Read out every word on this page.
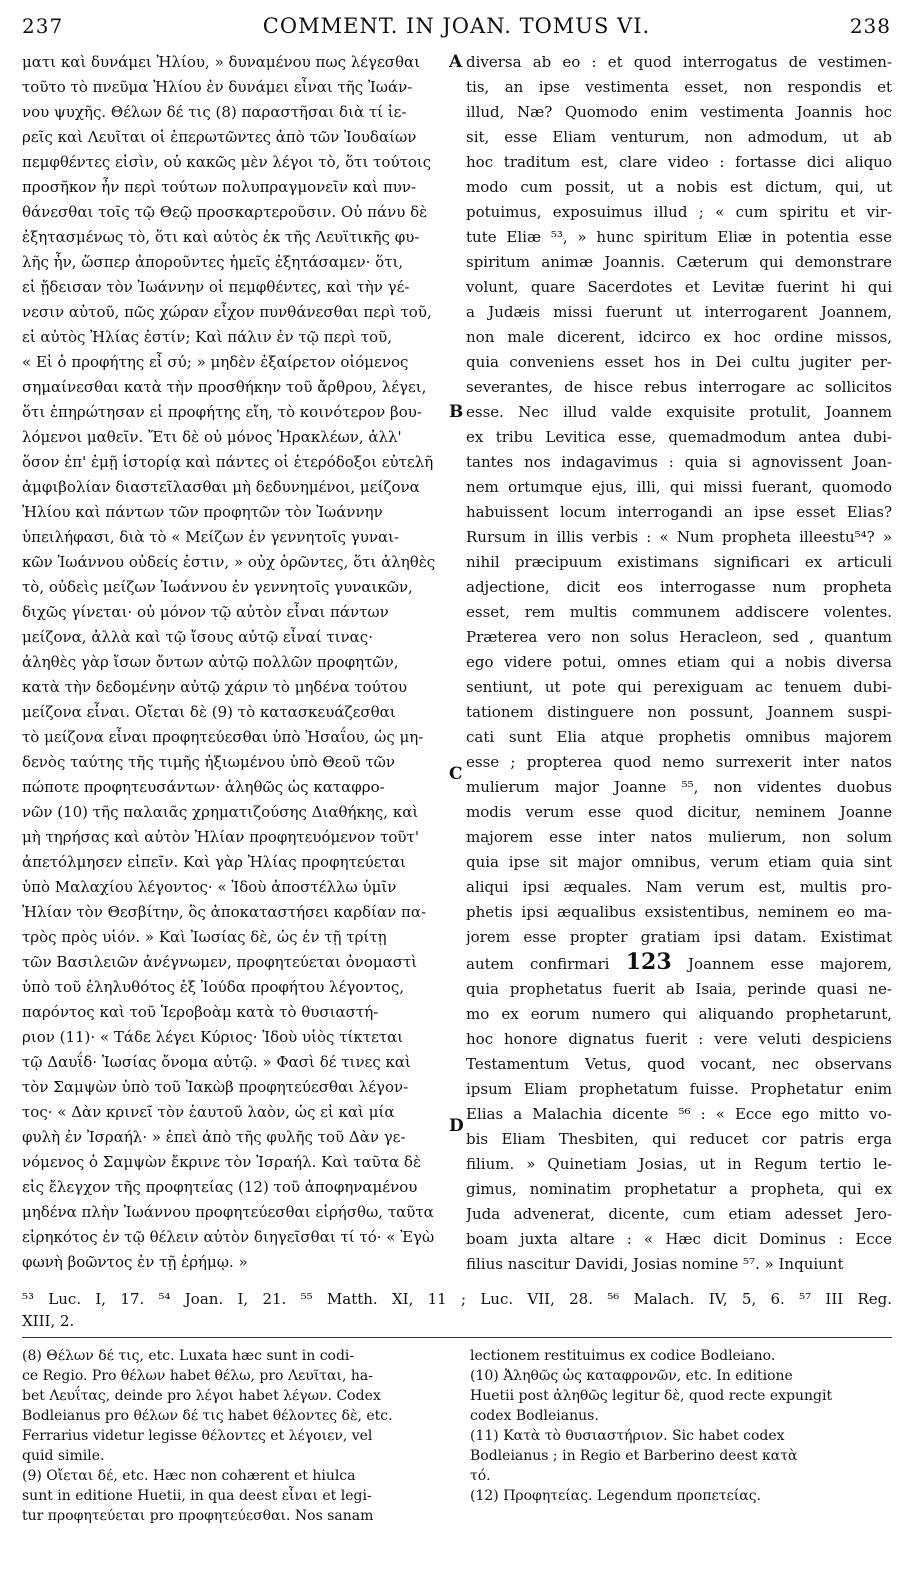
237	COMMENT. IN JOAN. TOMUS VI.	238
ματι καὶ δυνάμει Ἠλίου, » δυναμένου πως λέγεσθαι
τοῦτο τὸ πνεῦμα Ἠλίου ἐν δυνάμει εἶναι τῆς Ἰωάν-
νου ψυχῆς. Θέλων δέ τις (8) παραστῆσαι διὰ τί ἱε-
ρεῖς καὶ Λευῖται οἱ ἐπερωτῶντες ἀπὸ τῶν Ἰουδαίων
πεμφθέντες εἰσὶν, οὐ κακῶς μὲν λέγοι τὸ, ὅτι τούτοις
προσῆκον ἦν περὶ τούτων πολυπραγμονεῖν καὶ πυν-
θάνεσθαι τοῖς τῷ Θεῷ προσκαρτεροῦσιν. Οὐ πάνυ δὲ
ἐξητασμένως τὸ, ὅτι καὶ αὐτὸς ἐκ τῆς Λευϊτικῆς φυ-
λῆς ἦν, ὥσπερ ἀποροῦντες ἡμεῖς ἐξητάσαμεν· ὅτι,
εἰ ᾔδεισαν τὸν Ἰωάννην οἱ πεμφθέντες, καὶ τὴν γέ-
νεσιν αὐτοῦ, πῶς χώραν εἶχον πυνθάνεσθαι περὶ τοῦ,
εἰ αὐτὸς Ἠλίας ἐστίν; Καὶ πάλιν ἐν τῷ περὶ τοῦ,
« Εἰ ὁ προφήτης εἶ σύ; » μηδὲν ἐξαίρετον οἰόμενος
σημαίνεσθαι κατὰ τὴν προσθήκην τοῦ ἄρθρου, λέγει,
ὅτι ἐπηρώτησαν εἰ προφήτης εἴη, τὸ κοινότερον βου-
λόμενοι μαθεῖν. Ἔτι δὲ οὐ μόνος Ἡρακλέων, ἀλλ'
ὅσον ἐπ' ἐμῇ ἱστορίᾳ καὶ πάντες οἱ ἑτερόδοξοι εὐτελῆ
ἀμφιβολίαν διαστεῖλασθαι μὴ δεδυνημένοι, μείζονα
Ἠλίου καὶ πάντων τῶν προφητῶν τὸν Ἰωάννην
ὑπειλήφασι, διὰ τὸ « Μείζων ἐν γεννητοῖς γυναι-
κῶν Ἰωάννου οὐδείς ἐστιν, » οὐχ ὁρῶντες, ὅτι ἀληθὲς
τὸ, οὐδεὶς μείζων Ἰωάννου ἐν γεννητοῖς γυναικῶν,
διχῶς γίνεται· οὐ μόνον τῷ αὐτὸν εἶναι πάντων
μείζονα, ἀλλὰ καὶ τῷ ἴσους αὐτῷ εἶναί τινας·
ἀληθὲς γὰρ ἴσων ὄντων αὐτῷ πολλῶν προφητῶν,
κατὰ τὴν δεδομένην αὐτῷ χάριν τὸ μηδένα τούτου
μείζονα εἶναι. Οἴεται δὲ (9) τὸ κατασκευάζεσθαι
τὸ μείζονα εἶναι προφητεύεσθαι ὑπὸ Ἠσαΐου, ὡς μη-
δενὸς ταύτης τῆς τιμῆς ἠξιωμένου ὑπὸ Θεοῦ τῶν
πώποτε προφητευσάντων· ἀληθῶς ὡς καταφρο-
νῶν (10) τῆς παλαιᾶς χρηματιζούσης Διαθήκης, καὶ
μὴ τηρήσας καὶ αὐτὸν Ἠλίαν προφητευόμενον τοῦτ'
ἀπετόλμησεν εἰπεῖν. Καὶ γὰρ Ἠλίας προφητεύεται
ὑπὸ Μαλαχίου λέγοντος· « Ἰδοὺ ἀποστέλλω ὑμῖν
Ἠλίαν τὸν Θεσβίτην, ὃς ἀποκαταστήσει καρδίαν πα-
τρὸς πρὸς υἱόν. » Καὶ Ἰωσίας δὲ, ὡς ἐν τῇ τρίτῃ
τῶν Βασιλειῶν ἀνέγνωμεν, προφητεύεται ὀνομαστὶ
ὑπὸ τοῦ ἐληλυθότος ἐξ Ἰούδα προφήτου λέγοντος,
παρόντος καὶ τοῦ Ἱεροβοὰμ κατὰ τὸ θυσιαστή-
ριον (11)· « Τάδε λέγει Κύριος· Ἰδοὺ υἱὸς τίκτεται
τῷ Δαυΐδ· Ἰωσίας ὄνομα αὐτῷ. » Φασὶ δέ τινες καὶ
τὸν Σαμψὼν ὑπὸ τοῦ Ἰακὼβ προφητεύεσθαι λέγον-
τος· « Δὰν κρινεῖ τὸν ἑαυτοῦ λαὸν, ὡς εἰ καὶ μία
φυλὴ ἐν Ἰσραήλ· » ἐπεὶ ἀπὸ τῆς φυλῆς τοῦ Δὰν γε-
νόμενος ὁ Σαμψὼν ἔκρινε τὸν Ἰσραήλ. Καὶ ταῦτα δὲ
εἰς ἔλεγχον τῆς προφητείας (12) τοῦ ἀποφηναμένου
μηδένα πλὴν Ἰωάννου προφητεύεσθαι εἰρήσθω, ταῦτα
εἰρηκότος ἐν τῷ θέλειν αὐτὸν διηγεῖσθαι τί τό· « Ἐγὼ
φωνὴ βοῶντος ἐν τῇ ἐρήμῳ. »
diversa ab eo : et quod interrogatus de vestimen-
tis, an ipse vestimenta esset, non respondis et
illud, Næ? Quomodo enim vestimenta Joannis hoc
sit, esse Eliam venturum, non admodum, ut ab
hoc traditum est, clare video : fortasse dici aliquo
modo cum possit, ut a nobis est dictum, qui, ut
potuimus, exposuimus illud ; « cum spiritu et vir-
tute Eliæ ⁵³, » hunc spiritum Eliæ in potentia esse
spiritum animæ Joannis. Cæterum qui demonstrare
volunt, quare Sacerdotes et Levitæ fuerint hi qui
a Judæis missi fuerunt ut interrogarent Joannem,
non male dicerent, idcirco ex hoc ordine missos,
quia conveniens esset hos in Dei cultu jugiter per-
severantes, de hisce rebus interrogare ac sollicitos
esse. Nec illud valde exquisite protulit, Joannem
ex tribu Levitica esse, quemadmodum antea dubi-
tantes nos indagavimus : quia si agnovissent Joan-
nem ortumque ejus, illi, qui missi fuerant, quomodo
habuissent locum interrogandi an ipse esset Elias?
Rursum in illis verbis : « Num propheta illeestu⁵⁴? »
nihil præcipuum existimans significari ex articuli
adjectione, dicit eos interrogasse num propheta
esset, rem multis communem addiscere volentes.
Præterea vero non solus Heracleon, sed , quantum
ego videre potui, omnes etiam qui a nobis diversa
sentiunt, ut pote qui perexiguam ac tenuem dubi-
tationem distinguere non possunt, Joannem suspi-
cati sunt Elia atque prophetis omnibus majorem
esse ; propterea quod nemo surrexerit inter natos
mulierum major Joanne ⁵⁵, non videntes duobus
modis verum esse quod dicitur, neminem Joanne
majorem esse inter natos mulierum, non solum
quia ipse sit major omnibus, verum etiam quia sint
aliqui ipsi æquales. Nam verum est, multis pro-
phetis ipsi æqualibus exsistentibus, neminem eo ma-
jorem esse propter gratiam ipsi datam. Existimat
autem confirmari 123 Joannem esse majorem,
quia prophetatus fuerit ab Isaia, perinde quasi ne-
mo ex eorum numero qui aliquando prophetarunt,
hoc honore dignatus fuerit : vere veluti despiciens
Testamentum Vetus, quod vocant, nec observans
ipsum Eliam prophetatum fuisse. Prophetatur enim
Elias a Malachia dicente ⁵⁶ : « Ecce ego mitto vo-
bis Eliam Thesbiten, qui reducet cor patris erga
filium. » Quinetiam Josias, ut in Regum tertio le-
gimus, nominatim prophetatur a propheta, qui ex
Juda advenerat, dicente, cum etiam adesset Jero-
boam juxta altare : « Hæc dicit Dominus : Ecce
filius nascitur Davidi, Josias nomine ⁵⁷. » Inquiunt
A
B
C
D
⁵³ Luc. I, 17. ⁵⁴ Joan. I, 21. ⁵⁵ Matth. XI, 11 ; Luc. VII, 28. ⁵⁶ Malach. IV, 5, 6. ⁵⁷ III Reg.
XIII, 2.
(8) Θέλων δέ τις, etc. Luxata hæc sunt in codi-
ce Regio. Pro θέλων habet θέλω, pro Λευῖται, ha-
bet Λευΐτας, deinde pro λέγοι habet λέγων. Codex
Bodleianus pro θέλων δέ τις habet θέλοντες δὲ, etc.
Ferrarius videtur legisse θέλοντες et λέγοιεν, vel
quid simile.
(9) Οἴεται δέ, etc. Hæc non cohærent et hiulca
sunt in editione Huetii, in qua deest εἶναι et legi-
tur προφητεύεται pro προφητεύεσθαι. Nos sanam
lectionem restituimus ex codice Bodleiano.
(10) Ἀληθῶς ὡς καταφρονῶν, etc. In editione
Huetii post ἀληθῶς legitur δὲ, quod recte expungit
codex Bodleianus.
(11) Κατὰ τὸ θυσιαστήριον. Sic habet codex
Bodleianus ; in Regio et Barberino deest κατὰ
τό.
(12) Προφητείας. Legendum προπετείας.
